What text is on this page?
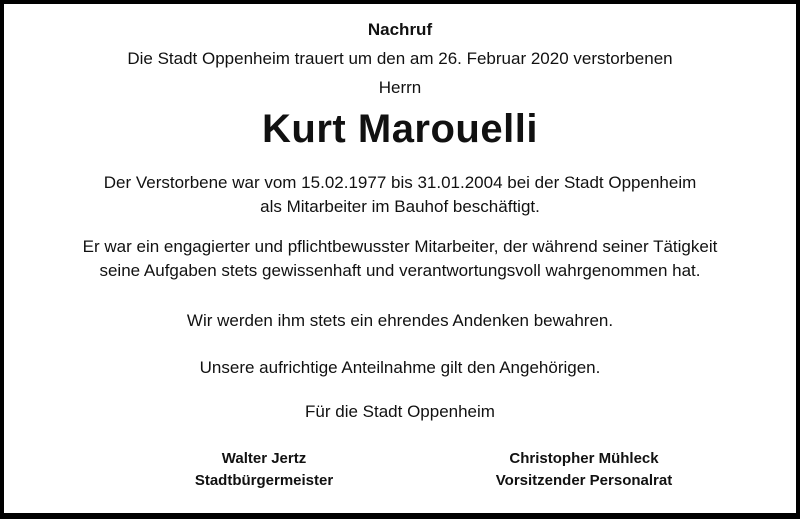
Nachruf
Die Stadt Oppenheim trauert um den am 26. Februar 2020 verstorbenen
Herrn
Kurt Marouelli
Der Verstorbene war vom 15.02.1977 bis 31.01.2004 bei der Stadt Oppenheim
als Mitarbeiter im Bauhof beschäftigt.
Er war ein engagierter und pflichtbewusster Mitarbeiter, der während seiner Tätigkeit
seine Aufgaben stets gewissenhaft und verantwortungsvoll wahrgenommen hat.
Wir werden ihm stets ein ehrendes Andenken bewahren.
Unsere aufrichtige Anteilnahme gilt den Angehörigen.
Für die Stadt Oppenheim
Walter Jertz
Stadtbürgermeister
Christopher Mühleck
Vorsitzender Personalrat
